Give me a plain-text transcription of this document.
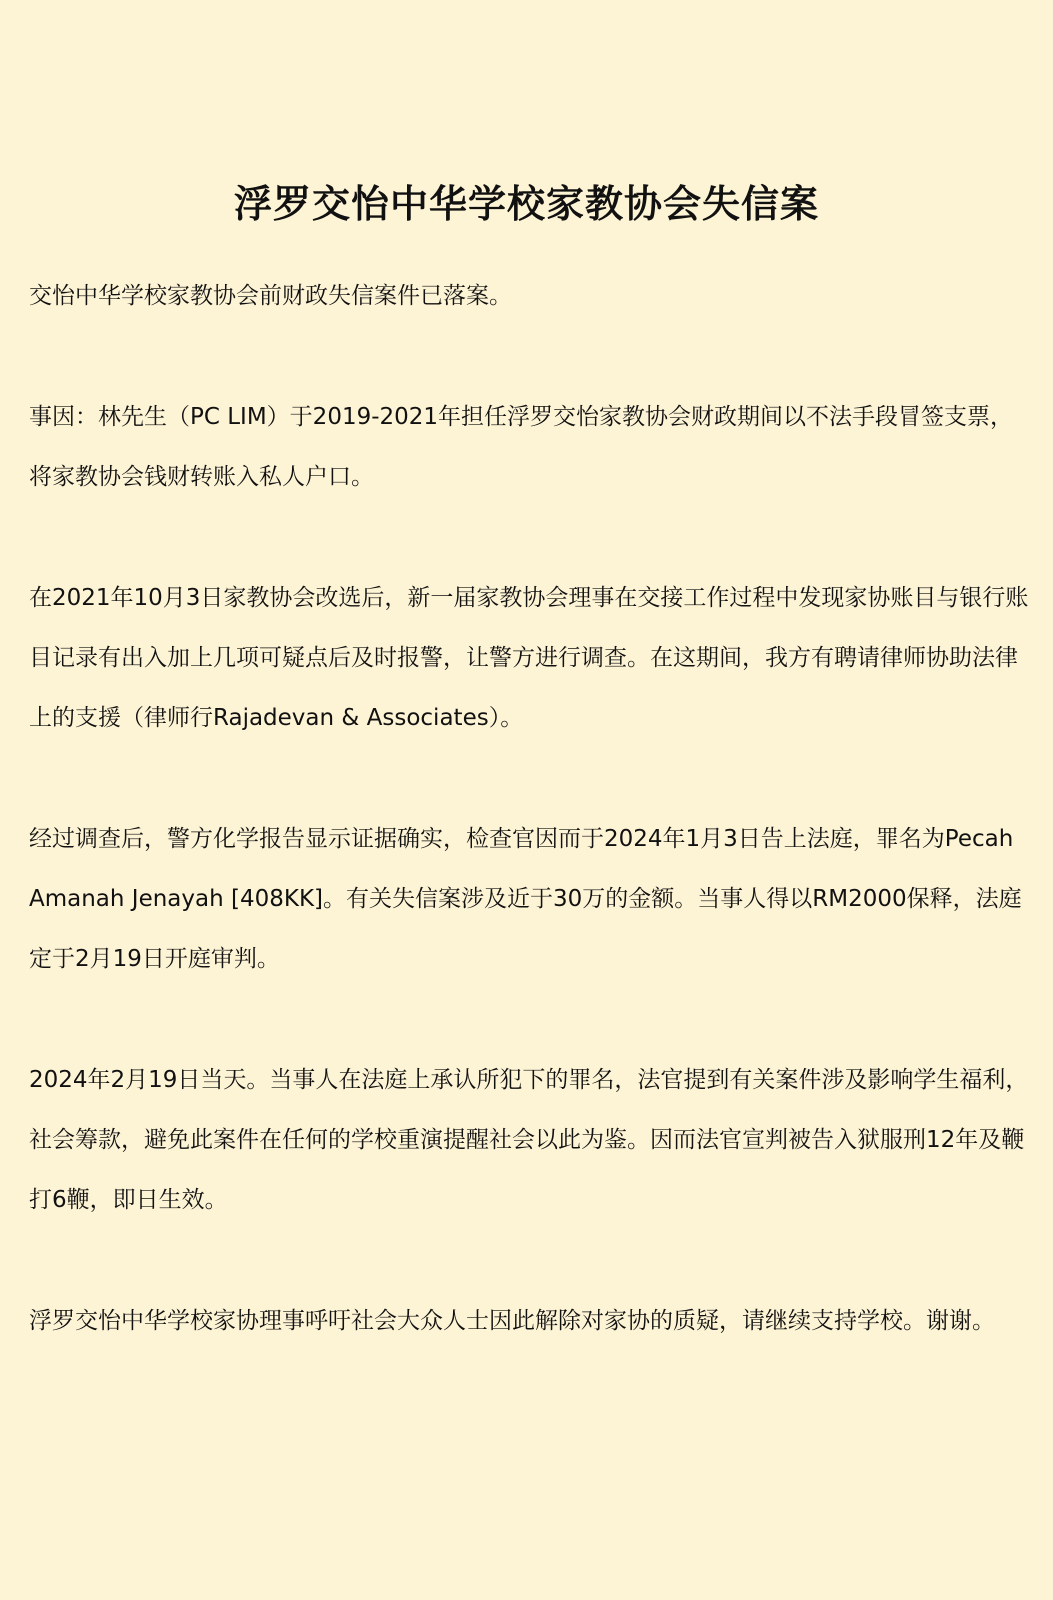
浮罗交怡中华学校家教协会失信案

交怡中华学校家教协会前财政失信案件已落案。

事因：林先生（PC LIM）于2019-2021年担任浮罗交怡家教协会财政期间以不法手段冒签支票，将家教协会钱财转账入私人户口。

在2021年10月3日家教协会改选后，新一届家教协会理事在交接工作过程中发现家协账目与银行账目记录有出入加上几项可疑点后及时报警，让警方进行调查。在这期间，我方有聘请律师协助法律上的支援（律师行Rajadevan & Associates）。

经过调查后，警方化学报告显示证据确实，检查官因而于2024年1月3日告上法庭，罪名为Pecah Amanah Jenayah [408KK]。有关失信案涉及近于30万的金额。当事人得以RM2000保释，法庭定于2月19日开庭审判。

2024年2月19日当天。当事人在法庭上承认所犯下的罪名，法官提到有关案件涉及影响学生福利，社会筹款，避免此案件在任何的学校重演提醒社会以此为鉴。因而法官宣判被告入狱服刑12年及鞭打6鞭，即日生效。

浮罗交怡中华学校家协理事呼吁社会大众人士因此解除对家协的质疑，请继续支持学校。谢谢。
